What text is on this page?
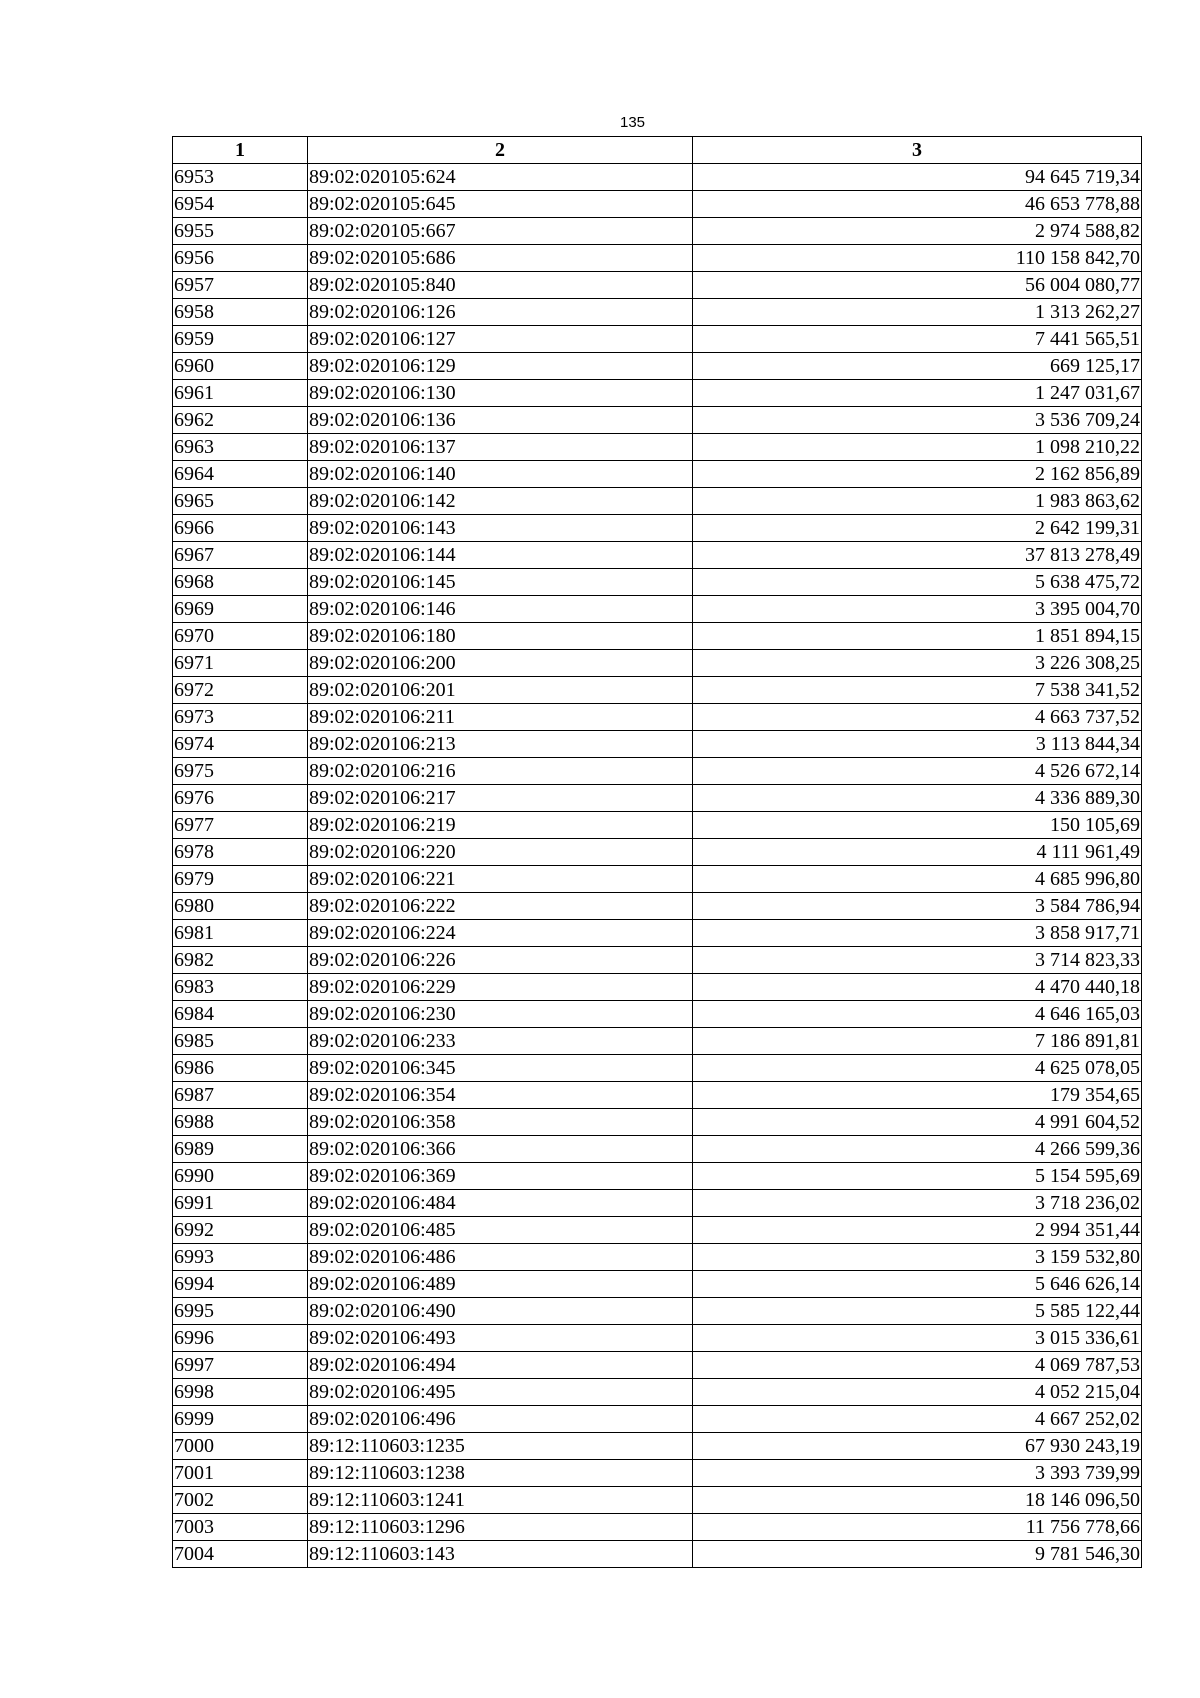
135
1	2	3
6953	89:02:020105:624	94 645 719,34
6954	89:02:020105:645	46 653 778,88
6955	89:02:020105:667	2 974 588,82
6956	89:02:020105:686	110 158 842,70
6957	89:02:020105:840	56 004 080,77
6958	89:02:020106:126	1 313 262,27
6959	89:02:020106:127	7 441 565,51
6960	89:02:020106:129	669 125,17
6961	89:02:020106:130	1 247 031,67
6962	89:02:020106:136	3 536 709,24
6963	89:02:020106:137	1 098 210,22
6964	89:02:020106:140	2 162 856,89
6965	89:02:020106:142	1 983 863,62
6966	89:02:020106:143	2 642 199,31
6967	89:02:020106:144	37 813 278,49
6968	89:02:020106:145	5 638 475,72
6969	89:02:020106:146	3 395 004,70
6970	89:02:020106:180	1 851 894,15
6971	89:02:020106:200	3 226 308,25
6972	89:02:020106:201	7 538 341,52
6973	89:02:020106:211	4 663 737,52
6974	89:02:020106:213	3 113 844,34
6975	89:02:020106:216	4 526 672,14
6976	89:02:020106:217	4 336 889,30
6977	89:02:020106:219	150 105,69
6978	89:02:020106:220	4 111 961,49
6979	89:02:020106:221	4 685 996,80
6980	89:02:020106:222	3 584 786,94
6981	89:02:020106:224	3 858 917,71
6982	89:02:020106:226	3 714 823,33
6983	89:02:020106:229	4 470 440,18
6984	89:02:020106:230	4 646 165,03
6985	89:02:020106:233	7 186 891,81
6986	89:02:020106:345	4 625 078,05
6987	89:02:020106:354	179 354,65
6988	89:02:020106:358	4 991 604,52
6989	89:02:020106:366	4 266 599,36
6990	89:02:020106:369	5 154 595,69
6991	89:02:020106:484	3 718 236,02
6992	89:02:020106:485	2 994 351,44
6993	89:02:020106:486	3 159 532,80
6994	89:02:020106:489	5 646 626,14
6995	89:02:020106:490	5 585 122,44
6996	89:02:020106:493	3 015 336,61
6997	89:02:020106:494	4 069 787,53
6998	89:02:020106:495	4 052 215,04
6999	89:02:020106:496	4 667 252,02
7000	89:12:110603:1235	67 930 243,19
7001	89:12:110603:1238	3 393 739,99
7002	89:12:110603:1241	18 146 096,50
7003	89:12:110603:1296	11 756 778,66
7004	89:12:110603:143	9 781 546,30
